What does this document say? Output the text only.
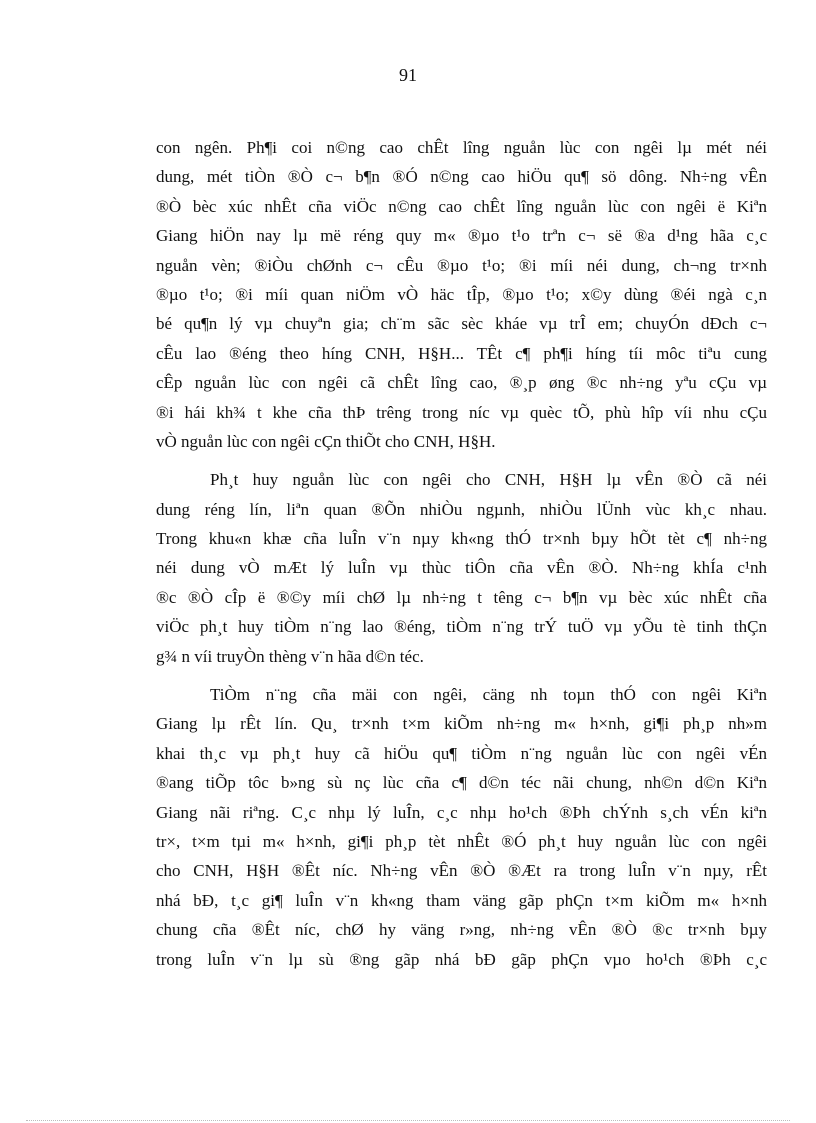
91
con ngên. Ph¶i coi n©ng cao chÊt lîng nguån lùc con ngêi lµ mét néi
dung, mét tiÒn ®Ò c¬ b¶n ®Ó n©ng cao hiÖu qu¶ sö dông. Nh÷ng vÊn
®Ò bèc xúc nhÊt cña viÖc n©ng cao chÊt lîng nguån lùc con ngêi ë Kiªn
Giang hiÖn nay lµ më réng quy m« ®µo t¹o trªn c¬ së ®a d¹ng hãa c¸c
nguån vèn; ®iÒu chØnh c¬ cÊu ®µo t¹o; ®i míi néi dung, ch¬ng tr×nh
®µo t¹o; ®i míi quan niÖm vÒ häc tÎp, ®µo t¹o; x©y dùng ®éi ngà c¸n
bé qu¶n lý vµ chuyªn gia; ch¨m sãc sèc kháe vµ trÎ em; chuyÓn dÐch c¬
cÊu lao ®éng theo híng CNH, H§H... TÊt c¶ ph¶i híng tíi môc tiªu cung
cÊp nguån lùc con ngêi cã chÊt lîng cao, ®¸p øng ®c nh÷ng yªu cÇu vµ
®i hái kh¾ t khe cña thÞ trêng trong níc vµ quèc tÕ, phù hîp víi nhu cÇu
vÒ nguån lùc con ngêi cÇn thiÕt cho CNH, H§H.
Ph¸t huy nguån lùc con ngêi cho CNH, H§H lµ vÊn ®Ò cã néi
dung réng lín, liªn quan ®Õn nhiÒu ngµnh, nhiÒu lÜnh vùc kh¸c nhau.
Trong khu«n khæ cña luÎn v¨n nµy kh«ng thÓ tr×nh bµy hÕt tèt c¶ nh÷ng
néi dung vÒ mÆt lý luÎn vµ thùc tiÔn cña vÊn ®Ò. Nh÷ng khÍa c¹nh
®c ®Ò cÎp ë ®©y míi chØ lµ nh÷ng t têng c¬ b¶n vµ bèc xúc nhÊt cña
viÖc ph¸t huy tiÒm n¨ng lao ®éng, tiÒm n¨ng trÝ tuÖ vµ yÕu tè tinh thÇn
g¾ n víi truyÒn thèng v¨n hãa d©n téc.
TiÒm n¨ng cña mäi con ngêi, cäng nh toµn thÓ con ngêi Kiªn
Giang lµ rÊt lín. Qu¸ tr×nh t×m kiÕm nh÷ng m« h×nh, gi¶i ph¸p nh»m
khai th¸c vµ ph¸t huy cã hiÖu qu¶ tiÒm n¨ng nguån lùc con ngêi vÉn
®ang tiÕp tôc b»ng sù nç lùc cña c¶ d©n téc nãi chung, nh©n d©n Kiªn
Giang nãi riªng. C¸c nhµ lý luÎn, c¸c nhµ ho¹ch ®Þh chÝnh s¸ch vÉn kiªn
tr×, t×m tµi m« h×nh, gi¶i ph¸p tèt nhÊt ®Ó ph¸t huy nguån lùc con ngêi
cho CNH, H§H ®Êt níc. Nh÷ng vÊn ®Ò ®Æt ra trong luÎn v¨n nµy, rÊt
nhá bÐ, t¸c gi¶ luÎn v¨n kh«ng tham väng gãp phÇn t×m kiÕm m« h×nh
chung cña ®Êt níc, chØ hy väng r»ng, nh÷ng vÊn ®Ò ®c tr×nh bµy
trong luÎn v¨n lµ sù ®ng gãp nhá bÐ gãp phÇn vµo ho¹ch ®Þh c¸c
